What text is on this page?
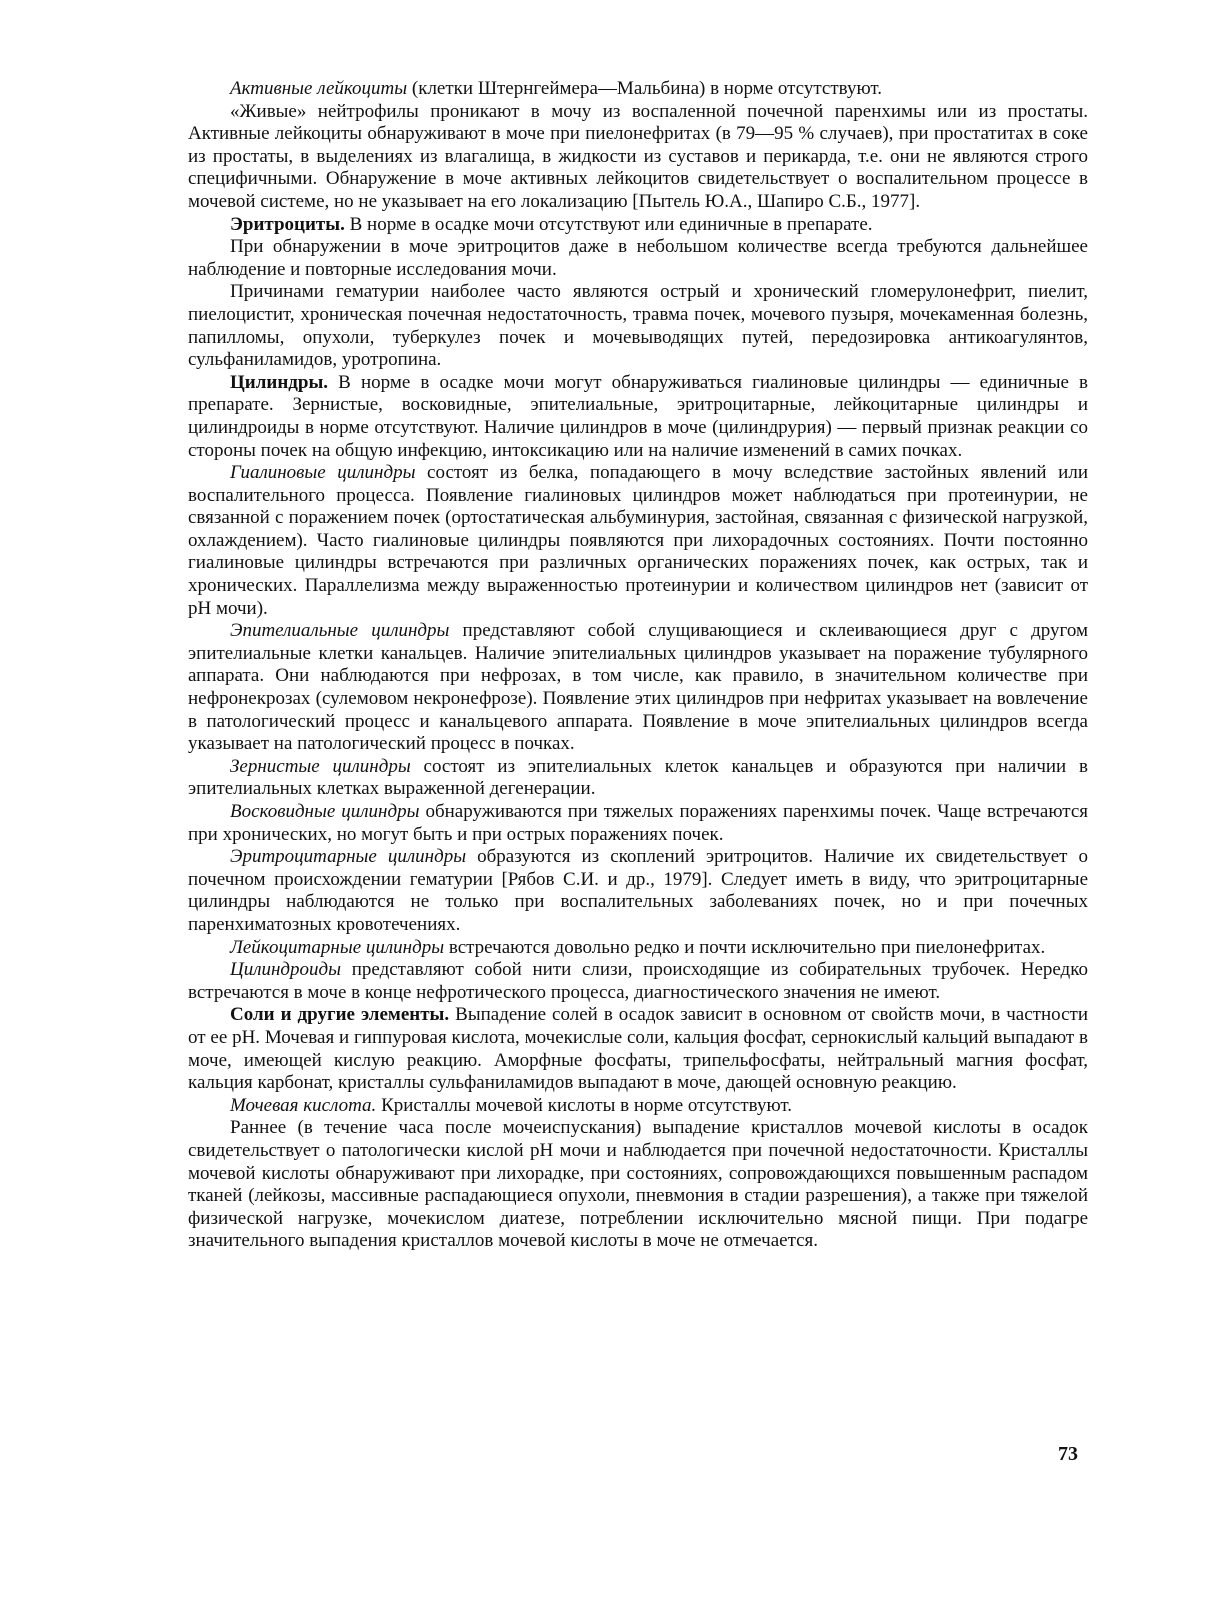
Активные лейкоциты (клетки Штернгеймера—Мальбина) в норме отсутствуют.

«Живые» нейтрофилы проникают в мочу из воспаленной почечной паренхимы или из простаты. Активные лейкоциты обнаруживают в моче при пиелонефритах (в 79—95 % случаев), при простатитах в соке из простаты, в выделениях из влагалища, в жидкости из суставов и перикарда, т.е. они не являются строго специфичными. Обнаружение в моче активных лейкоцитов свидетельствует о воспалительном процессе в мочевой системе, но не указывает на его локализацию [Пытель Ю.А., Шапиро С.Б., 1977].

Эритроциты. В норме в осадке мочи отсутствуют или единичные в препарате.

При обнаружении в моче эритроцитов даже в небольшом количестве всегда требуются дальнейшее наблюдение и повторные исследования мочи.

Причинами гематурии наиболее часто являются острый и хронический гломерулонефрит, пиелит, пиелоцистит, хроническая почечная недостаточность, травма почек, мочевого пузыря, мочекаменная болезнь, папилломы, опухоли, туберкулез почек и мочевыводящих путей, передозировка антикоагулянтов, сульфаниламидов, уротропина.

Цилиндры. В норме в осадке мочи могут обнаруживаться гиалиновые цилиндры — единичные в препарате. Зернистые, восковидные, эпителиальные, эритроцитарные, лейкоцитарные цилиндры и цилиндроиды в норме отсутствуют. Наличие цилиндров в моче (цилиндрурия) — первый признак реакции со стороны почек на общую инфекцию, интоксикацию или на наличие изменений в самих почках.

Гиалиновые цилиндры состоят из белка, попадающего в мочу вследствие застойных явлений или воспалительного процесса. Появление гиалиновых цилиндров может наблюдаться при протеинурии, не связанной с поражением почек (ортостатическая альбуминурия, застойная, связанная с физической нагрузкой, охлаждением). Часто гиалиновые цилиндры появляются при лихорадочных состояниях. Почти постоянно гиалиновые цилиндры встречаются при различных органических поражениях почек, как острых, так и хронических. Параллелизма между выраженностью протеинурии и количеством цилиндров нет (зависит от рН мочи).

Эпителиальные цилиндры представляют собой слущивающиеся и склеивающиеся друг с другом эпителиальные клетки канальцев. Наличие эпителиальных цилиндров указывает на поражение тубулярного аппарата. Они наблюдаются при нефрозах, в том числе, как правило, в значительном количестве при нефронекрозах (сулемовом некронефрозе). Появление этих цилиндров при нефритах указывает на вовлечение в патологический процесс и канальцевого аппарата. Появление в моче эпителиальных цилиндров всегда указывает на патологический процесс в почках.

Зернистые цилиндры состоят из эпителиальных клеток канальцев и образуются при наличии в эпителиальных клетках выраженной дегенерации.

Восковидные цилиндры обнаруживаются при тяжелых поражениях паренхимы почек. Чаще встречаются при хронических, но могут быть и при острых поражениях почек.

Эритроцитарные цилиндры образуются из скоплений эритроцитов. Наличие их свидетельствует о почечном происхождении гематурии [Рябов С.И. и др., 1979]. Следует иметь в виду, что эритроцитарные цилиндры наблюдаются не только при воспалительных заболеваниях почек, но и при почечных паренхиматозных кровотечениях.

Лейкоцитарные цилиндры встречаются довольно редко и почти исключительно при пиелонефритах.

Цилиндроиды представляют собой нити слизи, происходящие из собирательных трубочек. Нередко встречаются в моче в конце нефротического процесса, диагностического значения не имеют.

Соли и другие элементы. Выпадение солей в осадок зависит в основном от свойств мочи, в частности от ее рН. Мочевая и гиппуровая кислота, мочекислые соли, кальция фосфат, сернокислый кальций выпадают в моче, имеющей кислую реакцию. Аморфные фосфаты, трипельфосфаты, нейтральный магния фосфат, кальция карбонат, кристаллы сульфаниламидов выпадают в моче, дающей основную реакцию.

Мочевая кислота. Кристаллы мочевой кислоты в норме отсутствуют.

Раннее (в течение часа после мочеиспускания) выпадение кристаллов мочевой кислоты в осадок свидетельствует о патологически кислой рН мочи и наблюдается при почечной недостаточности. Кристаллы мочевой кислоты обнаруживают при лихорадке, при состояниях, сопровождающихся повышенным распадом тканей (лейкозы, массивные распадающиеся опухоли, пневмония в стадии разрешения), а также при тяжелой физической нагрузке, мочекислом диатезе, потреблении исключительно мясной пищи. При подагре значительного выпадения кристаллов мочевой кислоты в моче не отмечается.

73
